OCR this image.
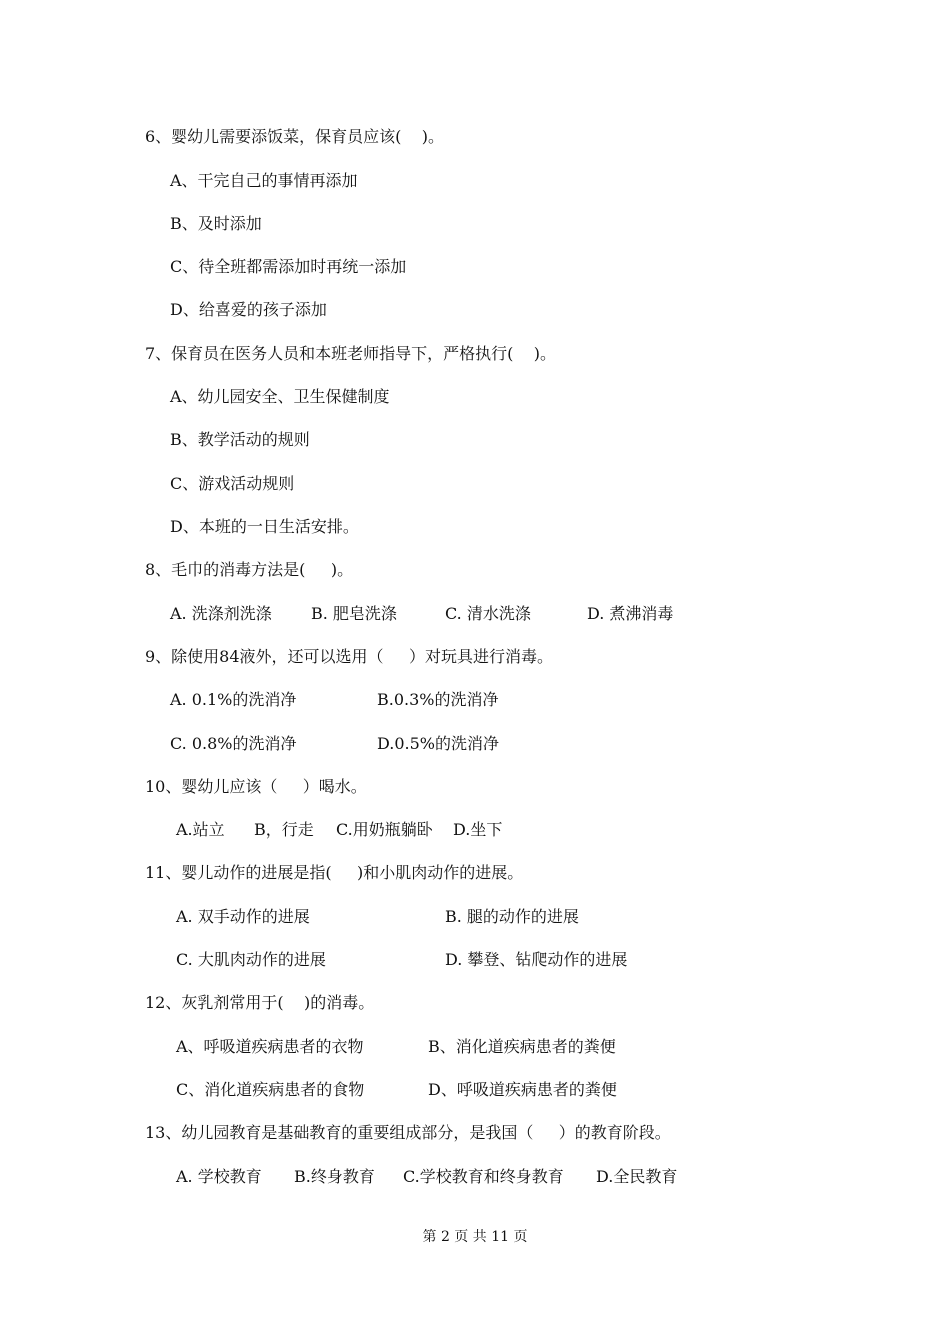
6、婴幼儿需要添饭菜，保育员应该(    )。
A、干完自己的事情再添加
B、及时添加
C、待全班都需添加时再统一添加
D、给喜爱的孩子添加
7、保育员在医务人员和本班老师指导下，严格执行(    )。
A、幼儿园安全、卫生保健制度
B、教学活动的规则
C、游戏活动规则
D、本班的一日生活安排。
8、毛巾的消毒方法是(     )。
A. 洗涤剂洗涤 B. 肥皂洗涤	C. 清水洗涤	D. 煮沸消毒
9、除使用84液外，还可以选用（     ）对玩具进行消毒。
A. 0.1%的洗消净	B.0.3%的洗消净
C. 0.8%的洗消净	D.0.5%的洗消净
10、婴幼儿应该（     ）喝水。
A.站立 B，行走 C.用奶瓶躺卧 D.坐下
11、婴儿动作的进展是指(     )和小肌肉动作的进展。
A. 双手动作的进展	B. 腿的动作的进展
C. 大肌肉动作的进展	D. 攀登、钻爬动作的进展
12、灰乳剂常用于(    )的消毒。
A、呼吸道疾病患者的衣物	B、消化道疾病患者的粪便
C、消化道疾病患者的食物	D、呼吸道疾病患者的粪便
13、幼儿园教育是基础教育的重要组成部分，是我国（     ）的教育阶段。
A. 学校教育 B.终身教育 C.学校教育和终身教育 D.全民教育
第 2 页 共 11 页
